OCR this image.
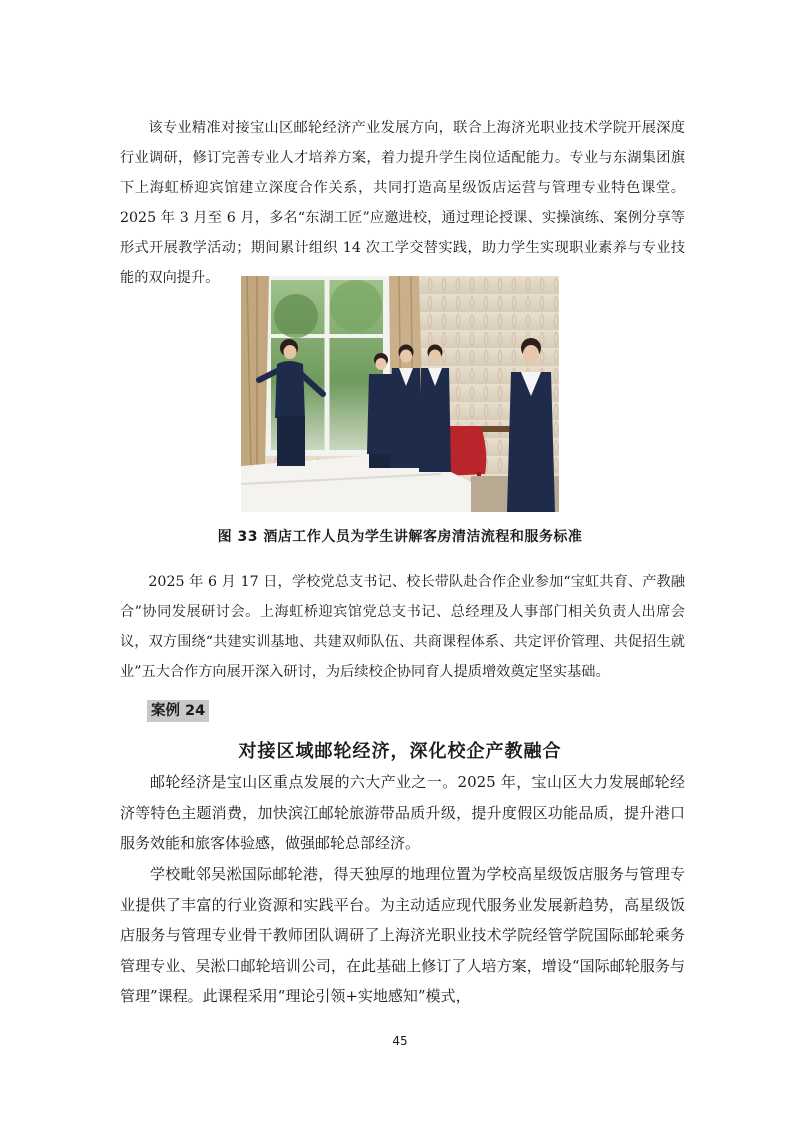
该专业精准对接宝山区邮轮经济产业发展方向，联合上海济光职业技术学院开展深度行业调研，修订完善专业人才培养方案，着力提升学生岗位适配能力。专业与东湖集团旗下上海虹桥迎宾馆建立深度合作关系，共同打造高星级饭店运营与管理专业特色课堂。2025 年 3 月至 6 月，多名“东湖工匠”应邀进校，通过理论授课、实操演练、案例分享等形式开展教学活动；期间累计组织 14 次工学交替实践，助力学生实现职业素养与专业技能的双向提升。

图 33 酒店工作人员为学生讲解客房清洁流程和服务标准

2025 年 6 月 17 日，学校党总支书记、校长带队赴合作企业参加“宝虹共育、产教融合”协同发展研讨会。上海虹桥迎宾馆党总支书记、总经理及人事部门相关负责人出席会议，双方围绕“共建实训基地、共建双师队伍、共商课程体系、共定评价管理、共促招生就业”五大合作方向展开深入研讨，为后续校企协同育人提质增效奠定坚实基础。

案例 24

对接区域邮轮经济，深化校企产教融合

邮轮经济是宝山区重点发展的六大产业之一。2025 年，宝山区大力发展邮轮经济等特色主题消费，加快滨江邮轮旅游带品质升级，提升度假区功能品质，提升港口服务效能和旅客体验感，做强邮轮总部经济。

学校毗邻吴淞国际邮轮港，得天独厚的地理位置为学校高星级饭店服务与管理专业提供了丰富的行业资源和实践平台。为主动适应现代服务业发展新趋势，高星级饭店服务与管理专业骨干教师团队调研了上海济光职业技术学院经管学院国际邮轮乘务管理专业、吴淞口邮轮培训公司，在此基础上修订了人培方案，增设“国际邮轮服务与管理”课程。此课程采用“理论引领+实地感知”模式，

45
